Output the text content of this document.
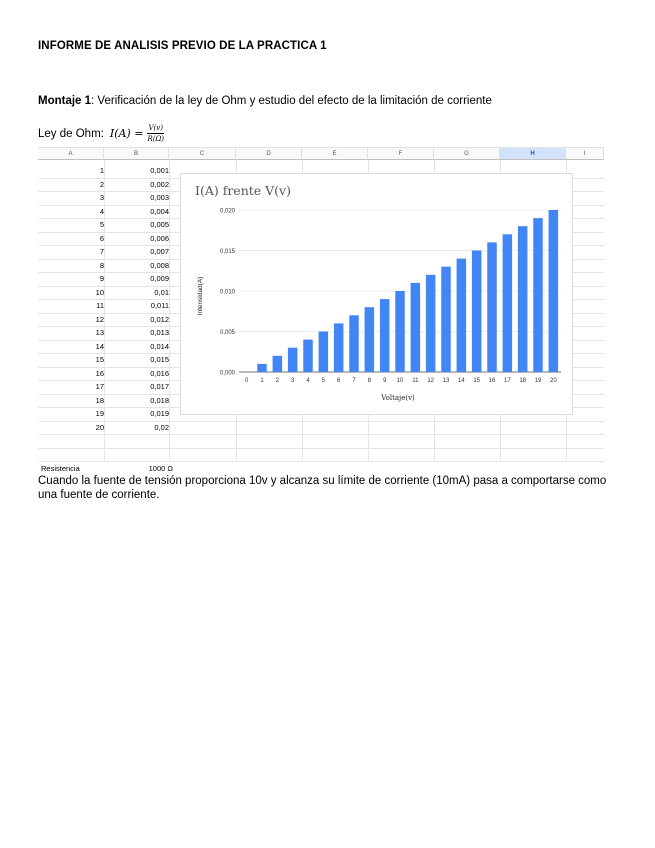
INFORME DE ANALISIS PREVIO DE LA PRACTICA 1
Montaje 1: Verificación de la ley de Ohm y estudio del efecto de la limitación de corriente
Ley de Ohm: $I(A) = \frac{V(v)}{R(\Omega)}$
A	B	C	D	E	F	G	H	I
1	0,001
2	0,002
3	0,003
4	0,004
5	0,005
6	0,006
7	0,007
8	0,008
9	0,009
10	0,01
11	0,011
12	0,012
13	0,013
14	0,014
15	0,015
16	0,016
17	0,017
18	0,018
19	0,019
20	0,02
Resistencia	1000 Ω
I(A) frente V(v)
Voltaje(v)
Intensidad(A)
0 1 2 3 4 5 6 7 8 9 10 11 12 13 14 15 16 17 18 19 20
0,000
0,005
0,010
0,015
0,020
Cuando la fuente de tensión proporciona 10v y alcanza su límite de corriente (10mA) pasa a comportarse como una fuente de corriente.
